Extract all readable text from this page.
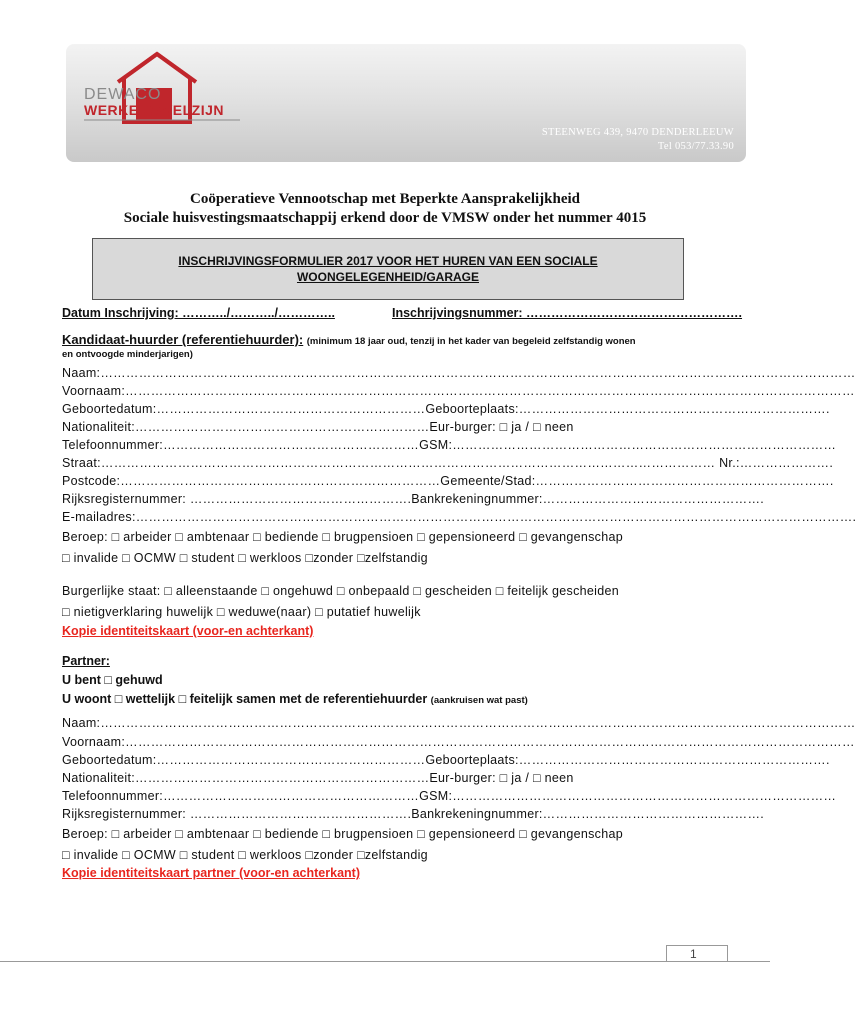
DEWACO
WERKERSWELZIJN
STEENWEG 439, 9470 DENDERLEEUW
Tel 053/77.33.90
Coöperatieve Vennootschap met Beperkte Aansprakelijkheid
Sociale huisvestingsmaatschappij erkend door de VMSW onder het nummer 4015
INSCHRIJVINGSFORMULIER 2017 VOOR HET HUREN VAN EEN SOCIALE
WOONGELEGENHEID/GARAGE
Datum Inschrijving: ………../………../…………..	Inschrijvingsnummer: …………………………………………….
Kandidaat-huurder (referentiehuurder): (minimum 18 jaar oud, tenzij in het kader van begeleid zelfstandig wonen
en ontvoogde minderjarigen)
Naam:……………………………………………………………………………………………………………………………………………………………
Voornaam:………………………………………………………………………………………………………………………………………………………
Geboortedatum:………………………………………………………Geboorteplaats:……………………………………………………………….
Nationaliteit:……………………………………………………………Eur-burger: □ ja / □ neen
Telefoonnummer:……………………………………………………GSM:………………………………………………………………………………
Straat:……………………………………………………………………………………………………………………………… Nr.:………………….
Postcode:…………………………………………………………………Gemeente/Stad:…………………………………………………………….
Rijksregisternummer: …………………………………………….Bankrekeningnummer:…………………………………………….
E-mailadres:…………………………………………………………………………………………………………………………………………………….
Beroep: □ arbeider □ ambtenaar □ bediende □ brugpensioen □ gepensioneerd □ gevangenschap
□ invalide □ OCMW □ student □ werkloos □zonder □zelfstandig
Burgerlijke staat: □ alleenstaande □ ongehuwd □ onbepaald □ gescheiden □ feitelijk gescheiden
□ nietigverklaring huwelijk □ weduwe(naar) □ putatief huwelijk
Kopie identiteitskaart (voor-en achterkant)
Partner:
U bent □ gehuwd
U woont □ wettelijk □ feitelijk samen met de referentiehuurder (aankruisen wat past)
Naam:……………………………………………………………………………………………………………………………………………………………
Voornaam:………………………………………………………………………………………………………………………………………………………
Geboortedatum:………………………………………………………Geboorteplaats:……………………………………………………………….
Nationaliteit:……………………………………………………………Eur-burger: □ ja / □ neen
Telefoonnummer:……………………………………………………GSM:………………………………………………………………………………
Rijksregisternummer: …………………………………………….Bankrekeningnummer:…………………………………………….
Beroep: □ arbeider □ ambtenaar □ bediende □ brugpensioen □ gepensioneerd □ gevangenschap
□ invalide □ OCMW □ student □ werkloos □zonder □zelfstandig
Kopie identiteitskaart partner (voor-en achterkant)
1
